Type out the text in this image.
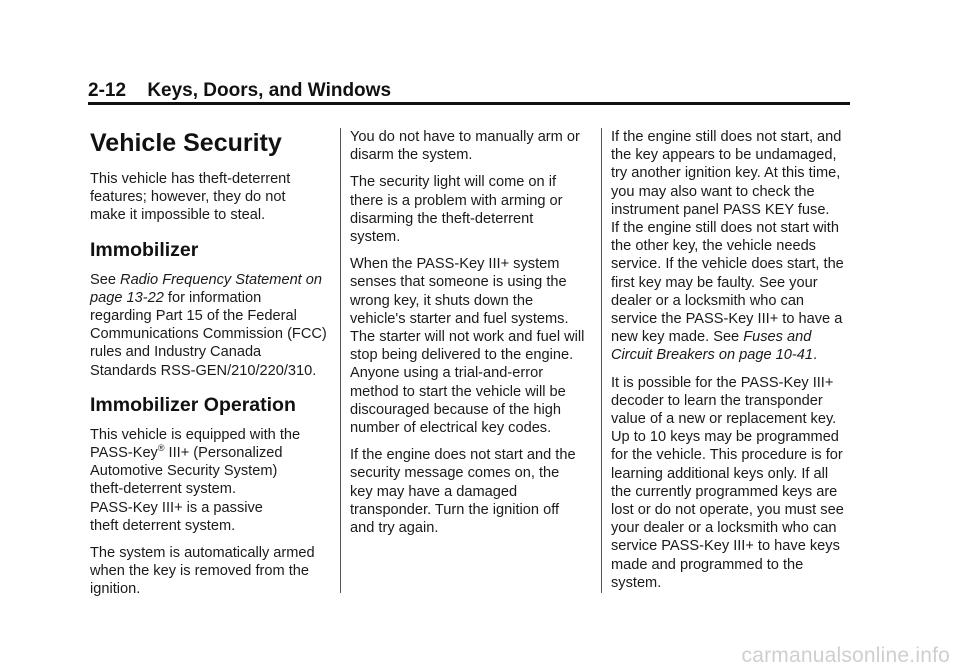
2-12 Keys, Doors, and Windows
Vehicle Security

This vehicle has theft-deterrent
features; however, they do not
make it impossible to steal.

Immobilizer

See Radio Frequency Statement on
page 13-22 for information
regarding Part 15 of the Federal
Communications Commission (FCC)
rules and Industry Canada
Standards RSS-GEN/210/220/310.

Immobilizer Operation

This vehicle is equipped with the
PASS-Key® III+ (Personalized
Automotive Security System)
theft-deterrent system.
PASS-Key III+ is a passive
theft deterrent system.

The system is automatically armed
when the key is removed from the
ignition.

You do not have to manually arm or
disarm the system.

The security light will come on if
there is a problem with arming or
disarming the theft-deterrent
system.

When the PASS-Key III+ system
senses that someone is using the
wrong key, it shuts down the
vehicle's starter and fuel systems.
The starter will not work and fuel will
stop being delivered to the engine.
Anyone using a trial-and-error
method to start the vehicle will be
discouraged because of the high
number of electrical key codes.

If the engine does not start and the
security message comes on, the
key may have a damaged
transponder. Turn the ignition off
and try again.

If the engine still does not start, and
the key appears to be undamaged,
try another ignition key. At this time,
you may also want to check the
instrument panel PASS KEY fuse.
If the engine still does not start with
the other key, the vehicle needs
service. If the vehicle does start, the
first key may be faulty. See your
dealer or a locksmith who can
service the PASS-Key III+ to have a
new key made. See Fuses and
Circuit Breakers on page 10-41.

It is possible for the PASS-Key III+
decoder to learn the transponder
value of a new or replacement key.
Up to 10 keys may be programmed
for the vehicle. This procedure is for
learning additional keys only. If all
the currently programmed keys are
lost or do not operate, you must see
your dealer or a locksmith who can
service PASS-Key III+ to have keys
made and programmed to the
system.

carmanualsonline.info
